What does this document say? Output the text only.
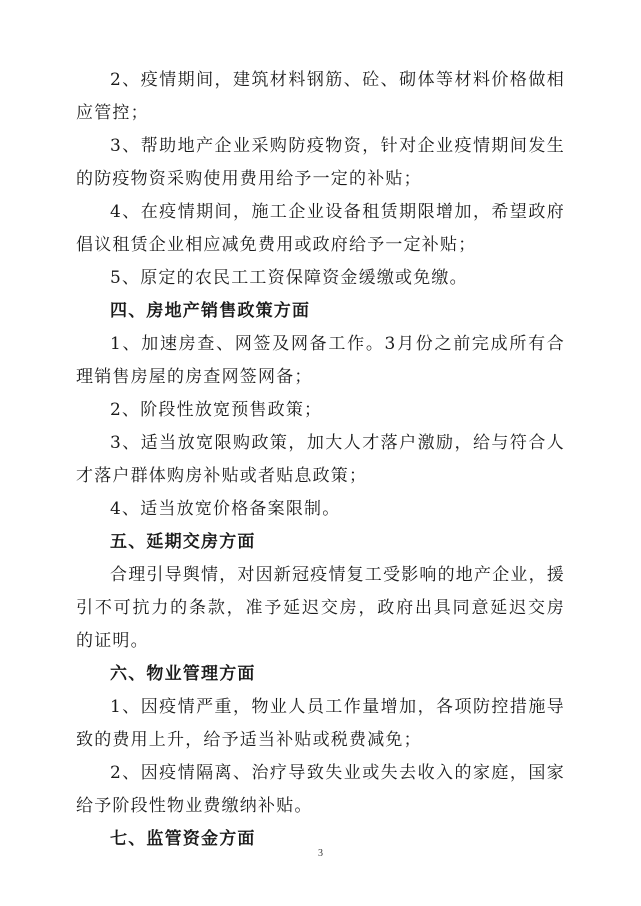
2、疫情期间，建筑材料钢筋、砼、砌体等材料价格做相应管控；

3、帮助地产企业采购防疫物资，针对企业疫情期间发生的防疫物资采购使用费用给予一定的补贴；

4、在疫情期间，施工企业设备租赁期限增加，希望政府倡议租赁企业相应减免费用或政府给予一定补贴；

5、原定的农民工工资保障资金缓缴或免缴。

四、房地产销售政策方面

1、加速房查、网签及网备工作。3月份之前完成所有合理销售房屋的房查网签网备；

2、阶段性放宽预售政策；

3、适当放宽限购政策，加大人才落户激励，给与符合人才落户群体购房补贴或者贴息政策；

4、适当放宽价格备案限制。

五、延期交房方面

合理引导舆情，对因新冠疫情复工受影响的地产企业，援引不可抗力的条款，准予延迟交房，政府出具同意延迟交房的证明。

六、物业管理方面

1、因疫情严重，物业人员工作量增加，各项防控措施导致的费用上升，给予适当补贴或税费减免；

2、因疫情隔离、治疗导致失业或失去收入的家庭，国家给予阶段性物业费缴纳补贴。

七、监管资金方面

3
